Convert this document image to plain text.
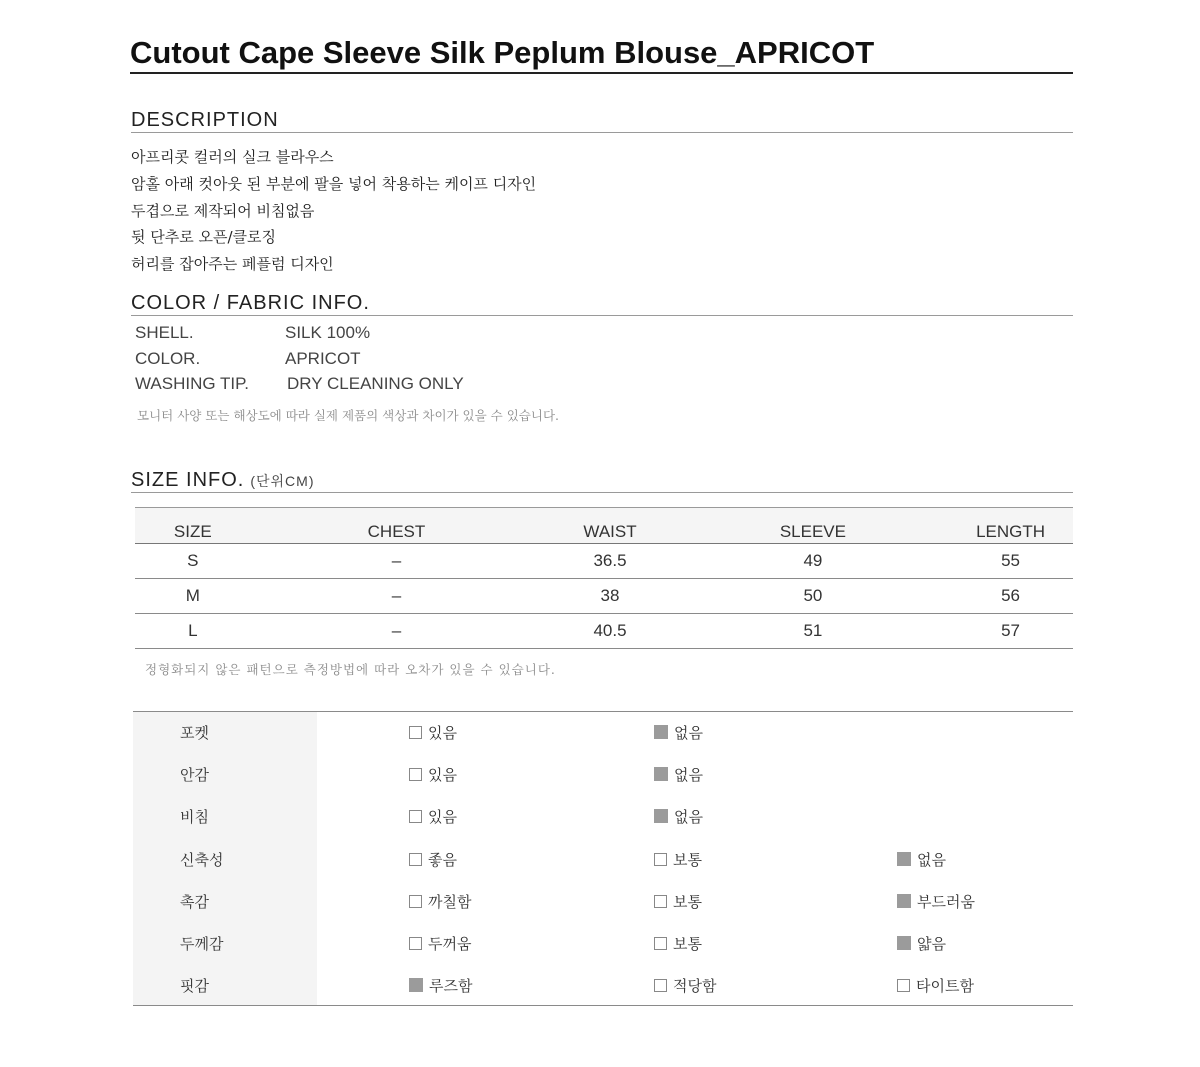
Cutout Cape Sleeve Silk Peplum Blouse_APRICOT
DESCRIPTION
아프리콧 컬러의 실크 블라우스
암홀 아래 컷아웃 된 부분에 팔을 넣어 착용하는 케이프 디자인
두겹으로 제작되어 비침없음
뒷 단추로 오픈/클로징
허리를 잡아주는 페플럼 디자인
COLOR / FABRIC INFO.
SHELL.	SILK 100%
COLOR.	APRICOT
WASHING TIP.	DRY CLEANING ONLY
모니터 사양 또는 해상도에 따라 실제 제품의 색상과 차이가 있을 수 있습니다.
SIZE INFO. (단위CM)
SIZE	CHEST	WAIST	SLEEVE	LENGTH
S	–	36.5	49	55
M	–	38	50	56
L	–	40.5	51	57
정형화되지 않은 패턴으로 측정방법에 따라 오차가 있을 수 있습니다.
포켓	있음	없음
안감	있음	없음
비침	있음	없음
신축성	좋음	보통	없음
촉감	까칠함	보통	부드러움
두께감	두꺼움	보통	얇음
핏감	루즈함	적당함	타이트함
